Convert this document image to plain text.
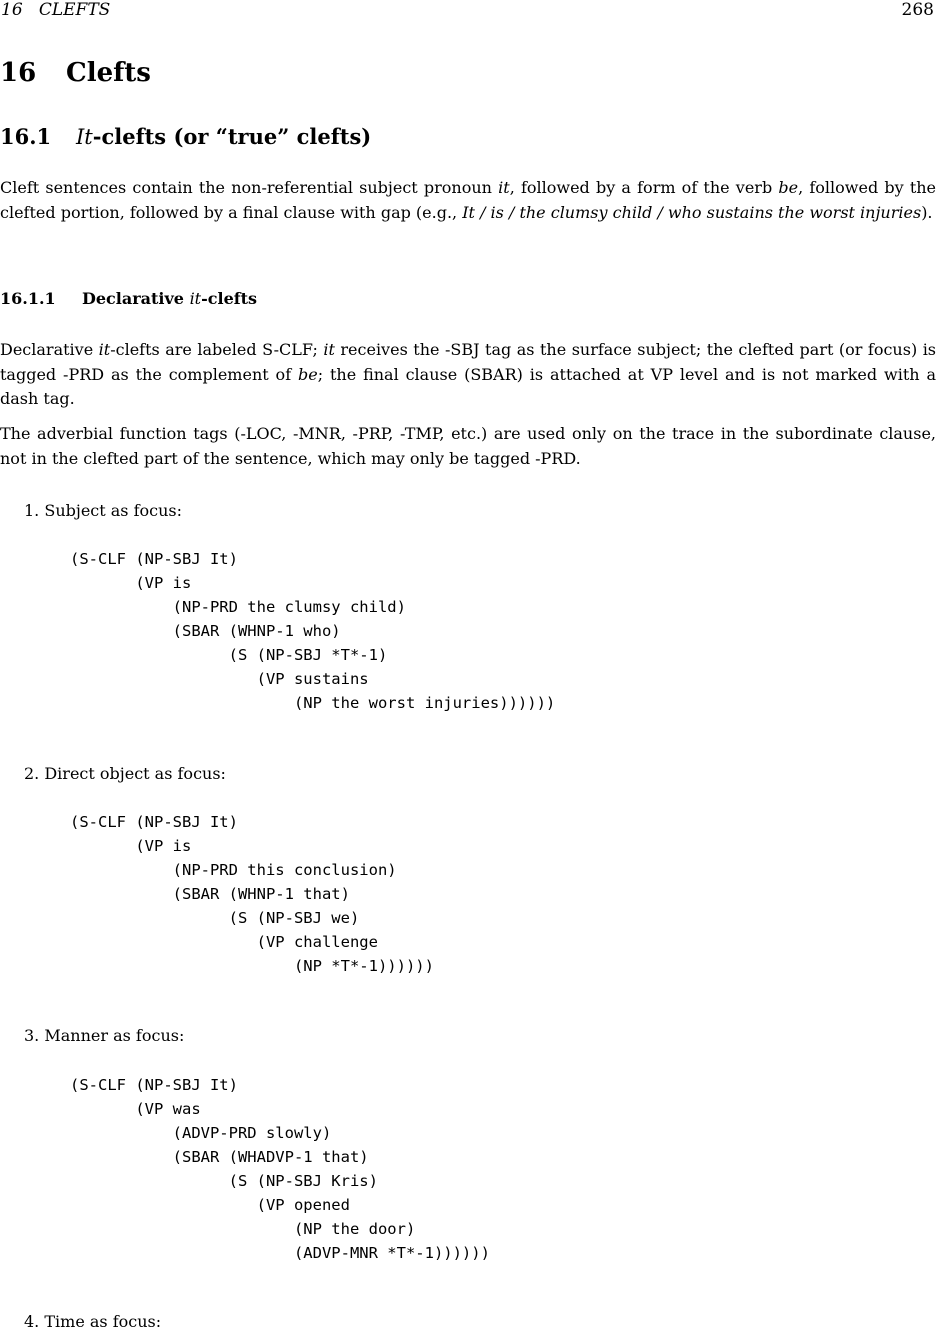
16   CLEFTS	268
16 Clefts
16.1 It-clefts (or “true” clefts)
Cleft sentences contain the non-referential subject pronoun it, followed by a form of the verb be, followed by the clefted portion, followed by a final clause with gap (e.g., It / is / the clumsy child / who sustains the worst injuries).
16.1.1 Declarative it-clefts
Declarative it-clefts are labeled S-CLF; it receives the -SBJ tag as the surface subject; the clefted part (or focus) is tagged -PRD as the complement of be; the final clause (SBAR) is attached at VP level and is not marked with a dash tag.
The adverbial function tags (-LOC, -MNR, -PRP, -TMP, etc.) are used only on the trace in the subordinate clause, not in the clefted part of the sentence, which may only be tagged -PRD.
1. Subject as focus:
(S-CLF (NP-SBJ It)
(VP is
(NP-PRD the clumsy child)
(SBAR (WHNP-1 who)
(S (NP-SBJ *T*-1)
(VP sustains
(NP the worst injuries))))))
2. Direct object as focus:
(S-CLF (NP-SBJ It)
(VP is
(NP-PRD this conclusion)
(SBAR (WHNP-1 that)
(S (NP-SBJ we)
(VP challenge
(NP *T*-1))))))
3. Manner as focus:
(S-CLF (NP-SBJ It)
(VP was
(ADVP-PRD slowly)
(SBAR (WHADVP-1 that)
(S (NP-SBJ Kris)
(VP opened
(NP the door)
(ADVP-MNR *T*-1))))))
4. Time as focus:
